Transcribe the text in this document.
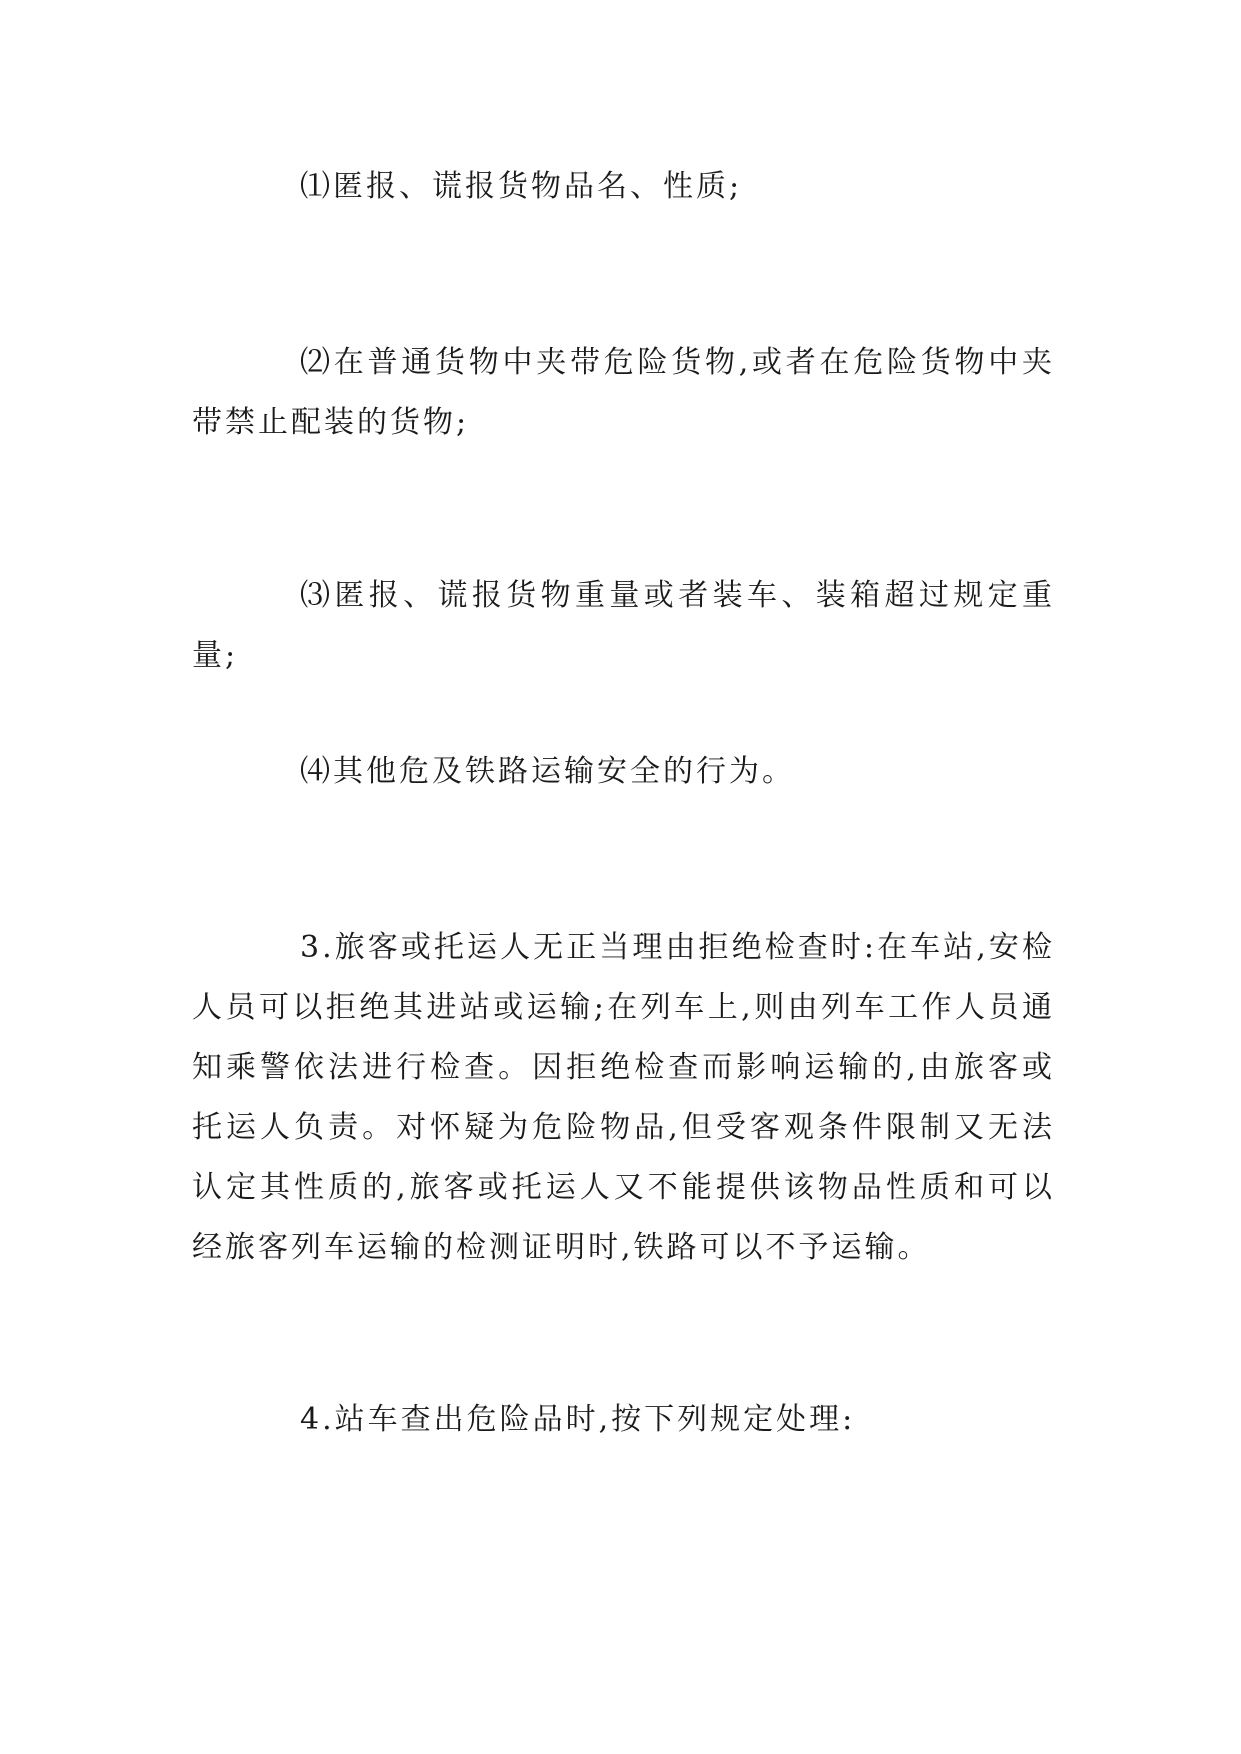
⑴匿报、谎报货物品名、性质;

⑵在普通货物中夹带危险货物,或者在危险货物中夹带禁止配装的货物;

⑶匿报、谎报货物重量或者装车、装箱超过规定重量;

⑷其他危及铁路运输安全的行为。

3.旅客或托运人无正当理由拒绝检查时:在车站,安检人员可以拒绝其进站或运输;在列车上,则由列车工作人员通知乘警依法进行检查。因拒绝检查而影响运输的,由旅客或托运人负责。对怀疑为危险物品,但受客观条件限制又无法认定其性质的,旅客或托运人又不能提供该物品性质和可以经旅客列车运输的检测证明时,铁路可以不予运输。

4.站车查出危险品时,按下列规定处理:
